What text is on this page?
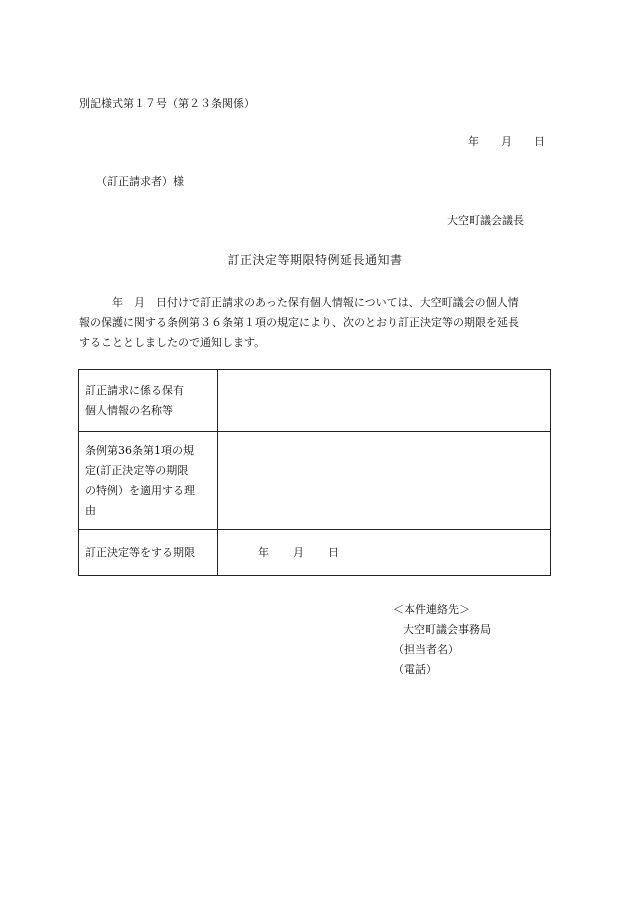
別記様式第１７号（第２３条関係）
年 月 日
（訂正請求者）様
大空町議会議長
訂正決定等期限特例延長通知書
　　　年　月　日付けで訂正請求のあった保有個人情報については、大空町議会の個人情
報の保護に関する条例第３６条第１項の規定により、次のとおり訂正決定等の期限を延長
することとしましたので通知します。
訂正請求に係る保有
個人情報の名称等	

条例第36条第1項の規
定(訂正決定等の期限
の特例）を適用する理
由	

訂正決定等をする期限	年 月 日
＜本件連絡先＞
大空町議会事務局
（担当者名）
（電話）
